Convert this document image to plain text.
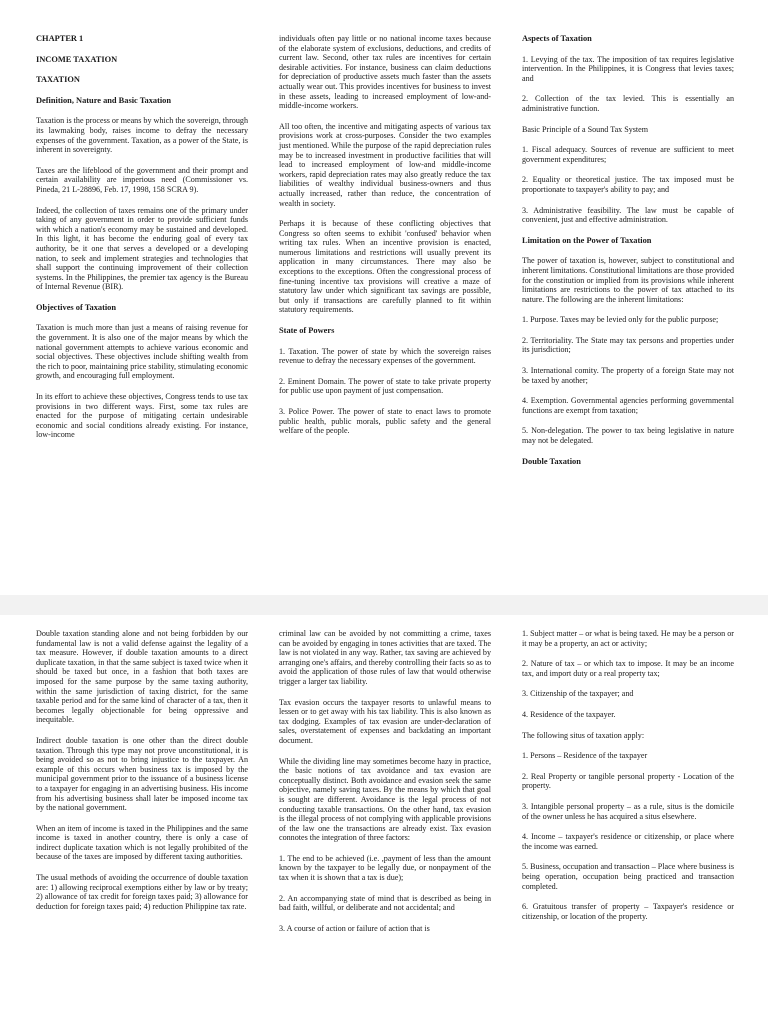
CHAPTER 1
INCOME TAXATION
TAXATION
Definition, Nature and Basic Taxation

Taxation is the process or means by which the sovereign, through its lawmaking body, raises income to defray the necessary expenses of the government. Taxation, as a power of the State, is inherent in sovereignty.

Taxes are the lifeblood of the government and their prompt and certain availability are imperious need (Commissioner vs. Pineda, 21 L-28896, Feb. 17, 1998, 158 SCRA 9).

Indeed, the collection of taxes remains one of the primary under taking of any government in order to provide sufficient funds with which a nation's economy may be sustained and developed. In this light, it has become the enduring goal of every tax authority, be it one that serves a developed or a developing nation, to seek and implement strategies and technologies that shall support the continuing improvement of their collection systems. In the Philippines, the premier tax agency is the Bureau of Internal Revenue (BIR).

Objectives of Taxation

Taxation is much more than just a means of raising revenue for the government. It is also one of the major means by which the national government attempts to achieve various economic and social objectives. These objectives include shifting wealth from the rich to poor, maintaining price stability, stimulating economic growth, and encouraging full employment.

In its effort to achieve these objectives, Congress tends to use tax provisions in two different ways. First, some tax rules are enacted for the purpose of mitigating certain undesirable economic and social conditions already existing. For instance, low-income

individuals often pay little or no national income taxes because of the elaborate system of exclusions, deductions, and credits of current law. Second, other tax rules are incentives for certain desirable activities. For instance, business can claim deductions for depreciation of productive assets much faster than the assets actually wear out. This provides incentives for business to invest in these assets, leading to increased employment of low-and-middle-income workers.

All too often, the incentive and mitigating aspects of various tax provisions work at cross-purposes. Consider the two examples just mentioned. While the purpose of the rapid depreciation rules may be to increased investment in productive facilities that will lead to increased employment of low-and middle-income workers, rapid depreciation rates may also greatly reduce the tax liabilities of wealthy individual business-owners and thus actually increased, rather than reduce, the concentration of wealth in society.

Perhaps it is because of these conflicting objectives that Congress so often seems to exhibit 'confused' behavior when writing tax rules. When an incentive provision is enacted, numerous limitations and restrictions will usually prevent its application in many circumstances. There may also be exceptions to the exceptions. Often the congressional process of fine-tuning incentive tax provisions will creative a maze of statutory law under which significant tax savings are possible, but only if transactions are carefully planned to fit within statutory requirements.

State of Powers

1. Taxation. The power of state by which the sovereign raises revenue to defray the necessary expenses of the government.

2. Eminent Domain. The power of state to take private property for public use upon payment of just compensation.

3. Police Power. The power of state to enact laws to promote public health, public morals, public safety and the general welfare of the people.

Aspects of Taxation

1. Levying of the tax. The imposition of tax requires legislative intervention. In the Philippines, it is Congress that levies taxes; and

2. Collection of the tax levied. This is essentially an administrative function.

Basic Principle of a Sound Tax System

1. Fiscal adequacy. Sources of revenue are sufficient to meet government expenditures;

2. Equality or theoretical justice. The tax imposed must be proportionate to taxpayer's ability to pay; and

3. Administrative feasibility. The law must be capable of convenient, just and effective administration.

Limitation on the Power of Taxation

The power of taxation is, however, subject to constitutional and inherent limitations. Constitutional limitations are those provided for the constitution or implied from its provisions while inherent limitations are restrictions to the power of tax attached to its nature. The following are the inherent limitations:

1. Purpose. Taxes may be levied only for the public purpose;

2. Territoriality. The State may tax persons and properties under its jurisdiction;

3. International comity. The property of a foreign State may not be taxed by another;

4. Exemption. Governmental agencies performing governmental functions are exempt from taxation;

5. Non-delegation. The power to tax being legislative in nature may not be delegated.

Double Taxation

Double taxation standing alone and not being forbidden by our fundamental law is not a valid defense against the legality of a tax measure. However, if double taxation amounts to a direct duplicate taxation, in that the same subject is taxed twice when it should be taxed but once, in a fashion that both taxes are imposed for the same purpose by the same taxing authority, within the same jurisdiction of taxing district, for the same taxable period and for the same kind of character of a tax, then it becomes legally objectionable for being oppressive and inequitable.

Indirect double taxation is one other than the direct double taxation. Through this type may not prove unconstitutional, it is being avoided so as not to bring injustice to the taxpayer. An example of this occurs when business tax is imposed by the municipal government prior to the issuance of a business license to a taxpayer for engaging in an advertising business. His income from his advertising business shall later be imposed income tax by the national government.

When an item of income is taxed in the Philippines and the same income is taxed in another country, there is only a case of indirect duplicate taxation which is not legally prohibited of the because of the taxes are imposed by different taxing authorities.

The usual methods of avoiding the occurrence of double taxation are: 1) allowing reciprocal exemptions either by law or by treaty; 2) allowance of tax credit for foreign taxes paid; 3) allowance for deduction for foreign taxes paid; 4) reduction Philippine tax rate.

criminal law can be avoided by not committing a crime, taxes can be avoided by engaging in tones activities that are taxed. The law is not violated in any way. Rather, tax saving are achieved by arranging one's affairs, and thereby controlling their facts so as to avoid the application of those rules of law that would otherwise trigger a larger tax liability.

Tax evasion occurs the taxpayer resorts to unlawful means to lessen or to get away with his tax liability. This is also known as tax dodging. Examples of tax evasion are under-declaration of sales, overstatement of expenses and backdating an important document.

While the dividing line may sometimes become hazy in practice, the basic notions of tax avoidance and tax evasion are conceptually distinct. Both avoidance and evasion seek the same objective, namely saving taxes. By the means by which that goal is sought are different. Avoidance is the legal process of not conducting taxable transactions. On the other hand, tax evasion is the illegal process of not complying with applicable provisions of the law one the transactions are already exist. Tax evasion connotes the integration of three factors:

1. The end to be achieved (i.e. ,payment of less than the amount known by the taxpayer to be legally due, or nonpayment of the tax when it is shown that a tax is due);

2. An accompanying state of mind that is described as being in bad faith, willful, or deliberate and not accidental; and

3. A course of action or failure of action that is

1. Subject matter – or what is being taxed. He may be a person or it may be a property, an act or activity;

2. Nature of tax – or which tax to impose. It may be an income tax, and import duty or a real property tax;

3. Citizenship of the taxpayer; and

4. Residence of the taxpayer.

The following situs of taxation apply:

1. Persons – Residence of the taxpayer

2. Real Property or tangible personal property - Location of the property.

3. Intangible personal property – as a rule, situs is the domicile of the owner unless he has acquired a situs elsewhere.

4. Income – taxpayer's residence or citizenship, or place where the income was earned.

5. Business, occupation and transaction – Place where business is being operation, occupation being practiced and transaction completed.

6. Gratuitous transfer of property – Taxpayer's residence or citizenship, or location of the property.
